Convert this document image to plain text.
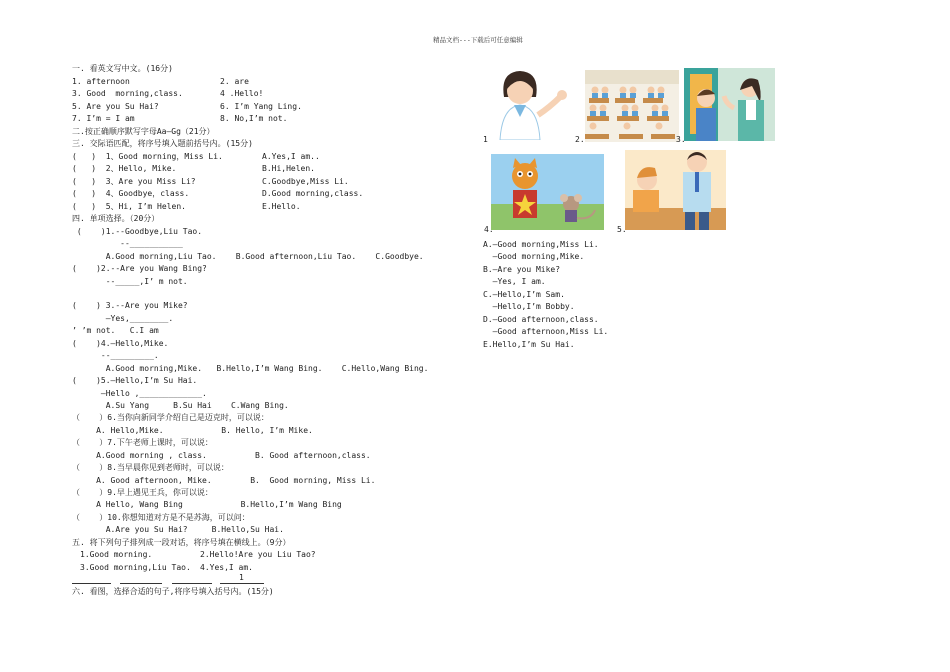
精品文档---下载后可任意编辑
一. 看英文写中文。(16分)
1. afternoon	2. are
3. Good  morning,class.	4 .Hello!
5. Are you Su Hai?	6. I’m Yang Ling.
7. I’m = I am	8. No,I’m not.
二.按正确顺序默写字母Aa—Gg（21分）
三. 交际语匹配，将序号填入题前括号内。(15分)
(   )  1、Good morning，Miss Li.	A.Yes,I am..
(   )  2、Hello, Mike.	B.Hi,Helen.
(   )  3、Are you Miss Li?	C.Goodbye,Miss Li.
(   )  4、Goodbye，class.	D.Good morning,class.
(   )  5、Hi, I’m Helen.	E.Hello.
四. 单项选择。（20分）
(    )1.--Goodbye,Liu Tao.
--___________
A.Good morning,Liu Tao.    B.Good afternoon,Liu Tao.    C.Goodbye.
(    )2.--Are you Wang Bing?
--_____,I’ m not.
(    ) 3.--Are you Mike?
—Yes,________.
’ ’m not.   C.I am
(    )4.—Hello,Mike.
--_________.
A.Good morning,Mike.   B.Hello,I’m Wang Bing.    C.Hello,Wang Bing.
(    )5.—Hello,I’m Su Hai.
—Hello ,_____________.
A.Su Yang     B.Su Hai    C.Wang Bing.
（    ）6.当你向新同学介绍自己是迈克时，可以说：
A. Hello,Mike.            B. Hello, I’m Mike.
（    ）7.下午老师上课时，可以说：
A.Good morning , class.          B. Good afternoon,class.
（    ）8.当早晨你见到老师时，可以说：
A. Good afternoon, Mike.        B.  Good morning, Miss Li.
（    ）9.早上遇见王兵，你可以说：
A Hello, Wang Bing            B.Hello,I’m Wang Bing
（    ）10.你想知道对方是不是苏海，可以问：
A.Are you Su Hai?     B.Hello,Su Hai.
五. 将下列句子排列成一段对话，将序号填在横线上。（9分）
1.Good morning.	2.Hello!Are you Liu Tao?
3.Good morning,Liu Tao. 4.Yes,I am.
1
六. 看图，选择合适的句子,将序号填入括号内。(15分)
1	2.	3.
4.	5.
A.—Good morning,Miss Li.
—Good morning,Mike.
B.—Are you Mike?
—Yes, I am.
C.—Hello,I’m Sam.
—Hello,I’m Bobby.
D.—Good afternoon,class.
—Good afternoon,Miss Li.
E.Hello,I’m Su Hai.
